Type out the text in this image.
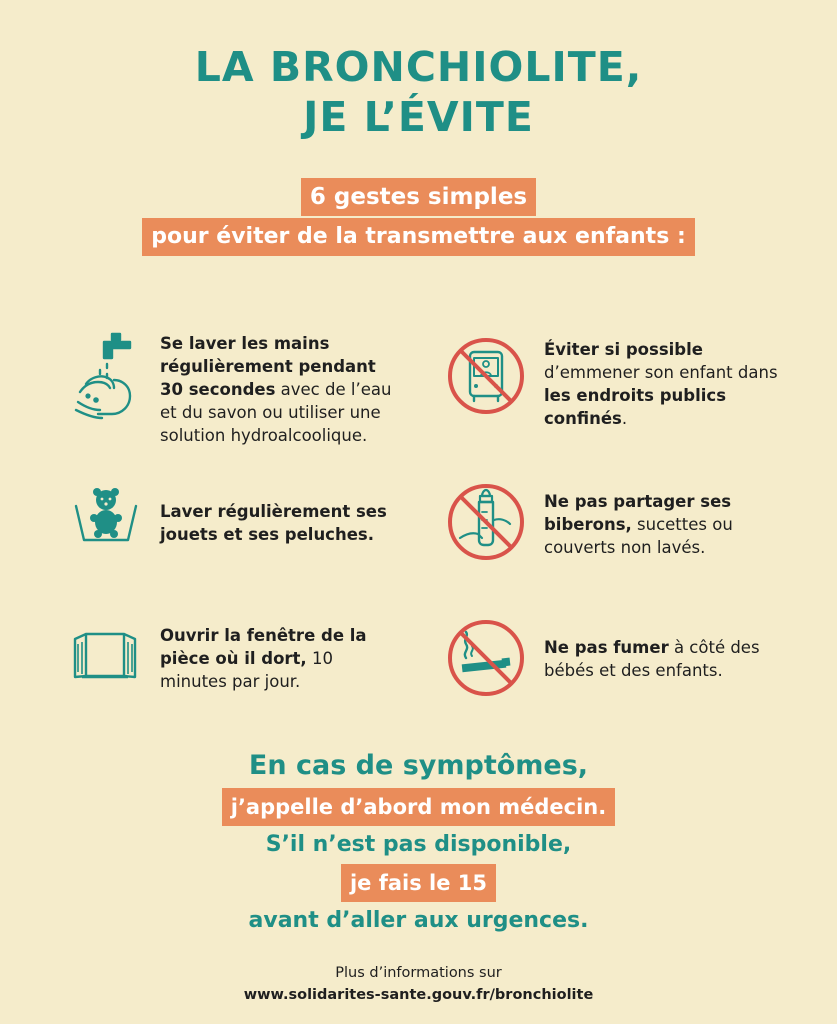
LA BRONCHIOLITE,
JE L’ÉVITE
6 gestes simples
pour éviter de la transmettre aux enfants :
Se laver les mains régulièrement pendant 30 secondes avec de l’eau et du savon ou utiliser une solution hydroalcoolique.
Éviter si possible d’emmener son enfant dans les endroits publics confinés.
Laver régulièrement ses jouets et ses peluches.
Ne pas partager ses biberons, sucettes ou couverts non lavés.
Ouvrir la fenêtre de la pièce où il dort, 10 minutes par jour.
Ne pas fumer à côté des bébés et des enfants.
En cas de symptômes,
j’appelle d’abord mon médecin.
S’il n’est pas disponible,
je fais le 15
avant d’aller aux urgences.
Plus d’informations sur
www.solidarites-sante.gouv.fr/bronchiolite
